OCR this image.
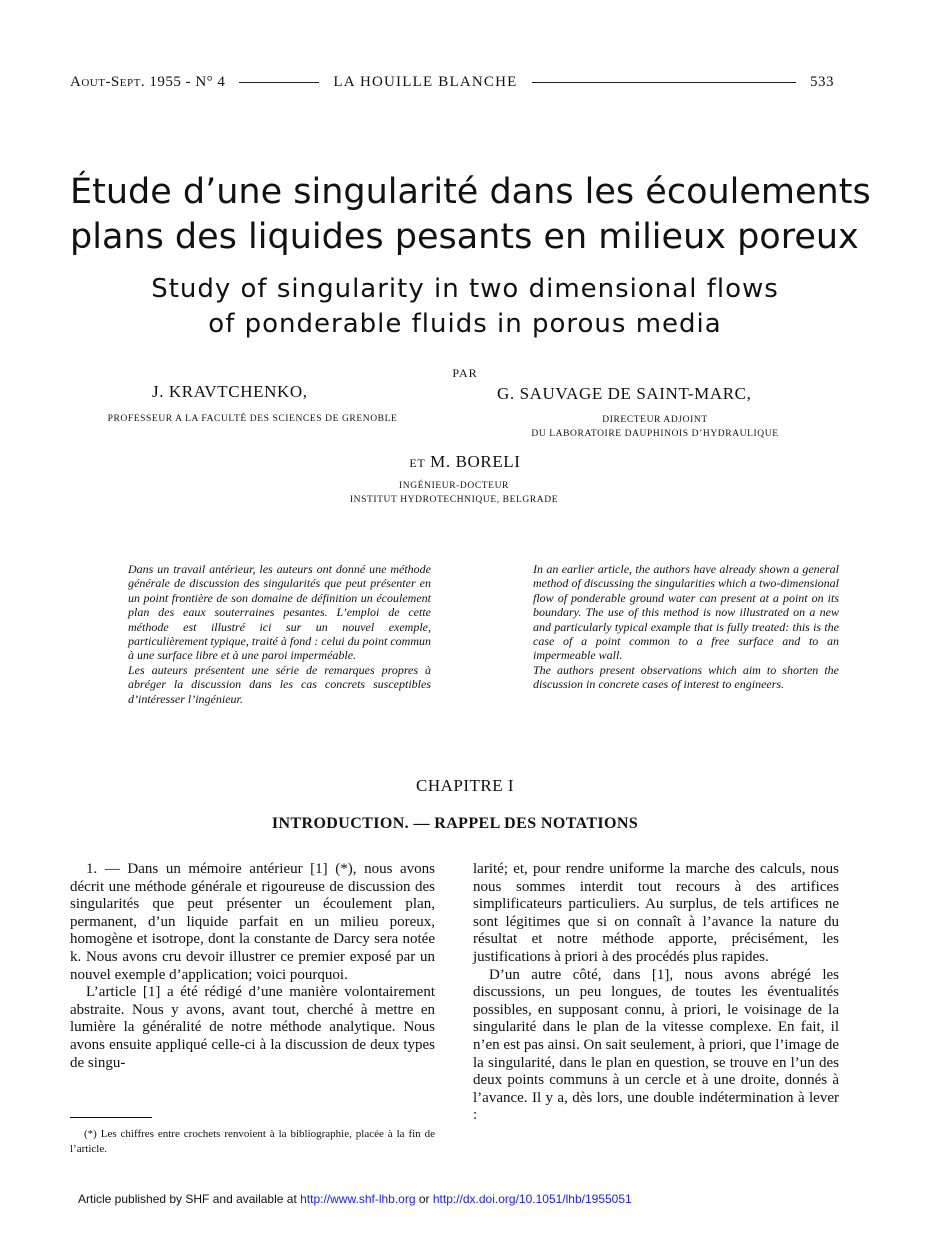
Aout-Sept. 1955 - N° 4	LA HOUILLE BLANCHE	533
Étude d’une singularité dans les écoulements
plans des liquides pesants en milieux poreux
Study of singularity in two dimensional flows
of ponderable fluids in porous media
PAR
J. KRAVTCHENKO,
PROFESSEUR A LA FACULTÉ DES SCIENCES DE GRENOBLE
G. SAUVAGE DE SAINT-MARC,
DIRECTEUR ADJOINT
DU LABORATOIRE DAUPHINOIS D’HYDRAULIQUE
ET M. BORELI
INGÉNIEUR-DOCTEUR
INSTITUT HYDROTECHNIQUE, BELGRADE

Dans un travail antérieur, les auteurs ont donné une méthode générale de discussion des singularités que peut présenter en un point frontière de son domaine de définition un écoulement plan des eaux souterraines pesantes. L’emploi de cette méthode est illustré ici sur un nouvel exemple, particulièrement typique, traité à fond : celui du point commun à une surface libre et à une paroi imperméable.

Les auteurs présentent une série de remarques propres à abréger la discussion dans les cas concrets susceptibles d’intéresser l’ingénieur.

In an earlier article, the authors have already shown a general method of discussing the singularities which a two-dimensional flow of ponderable ground water can present at a point on its boundary. The use of this method is now illustrated on a new and particularly typical example that is fully treated: this is the case of a point common to a free surface and to an impermeable wall.

The authors present observations which aim to shorten the discussion in concrete cases of interest to engineers.

CHAPITRE I
INTRODUCTION. — RAPPEL DES NOTATIONS

1. — Dans un mémoire antérieur [1] (*), nous avons décrit une méthode générale et rigoureuse de discussion des singularités que peut présenter un écoulement plan, permanent, d’un liquide parfait en un milieu poreux, homogène et isotrope, dont la constante de Darcy sera notée k. Nous avons cru devoir illustrer ce premier exposé par un nouvel exemple d’application; voici pourquoi.

L’article [1] a été rédigé d’une manière volontairement abstraite. Nous y avons, avant tout, cherché à mettre en lumière la généralité de notre méthode analytique. Nous avons ensuite appliqué celle-ci à la discussion de deux types de singu-

larité; et, pour rendre uniforme la marche des calculs, nous nous sommes interdit tout recours à des artifices simplificateurs particuliers. Au surplus, de tels artifices ne sont légitimes que si on connaît à l’avance la nature du résultat et notre méthode apporte, précisément, les justifications à priori à des procédés plus rapides.

D’un autre côté, dans [1], nous avons abrégé les discussions, un peu longues, de toutes les éventualités possibles, en supposant connu, à priori, le voisinage de la singularité dans le plan de la vitesse complexe. En fait, il n’en est pas ainsi. On sait seulement, à priori, que l’image de la singularité, dans le plan en question, se trouve en l’un des deux points communs à un cercle et à une droite, donnés à l’avance. Il y a, dès lors, une double indétermination à lever :

(*) Les chiffres entre crochets renvoient à la bibliographie, placée à la fin de l’article.
Article published by SHF and available at http://www.shf-lhb.org or http://dx.doi.org/10.1051/lhb/1955051
